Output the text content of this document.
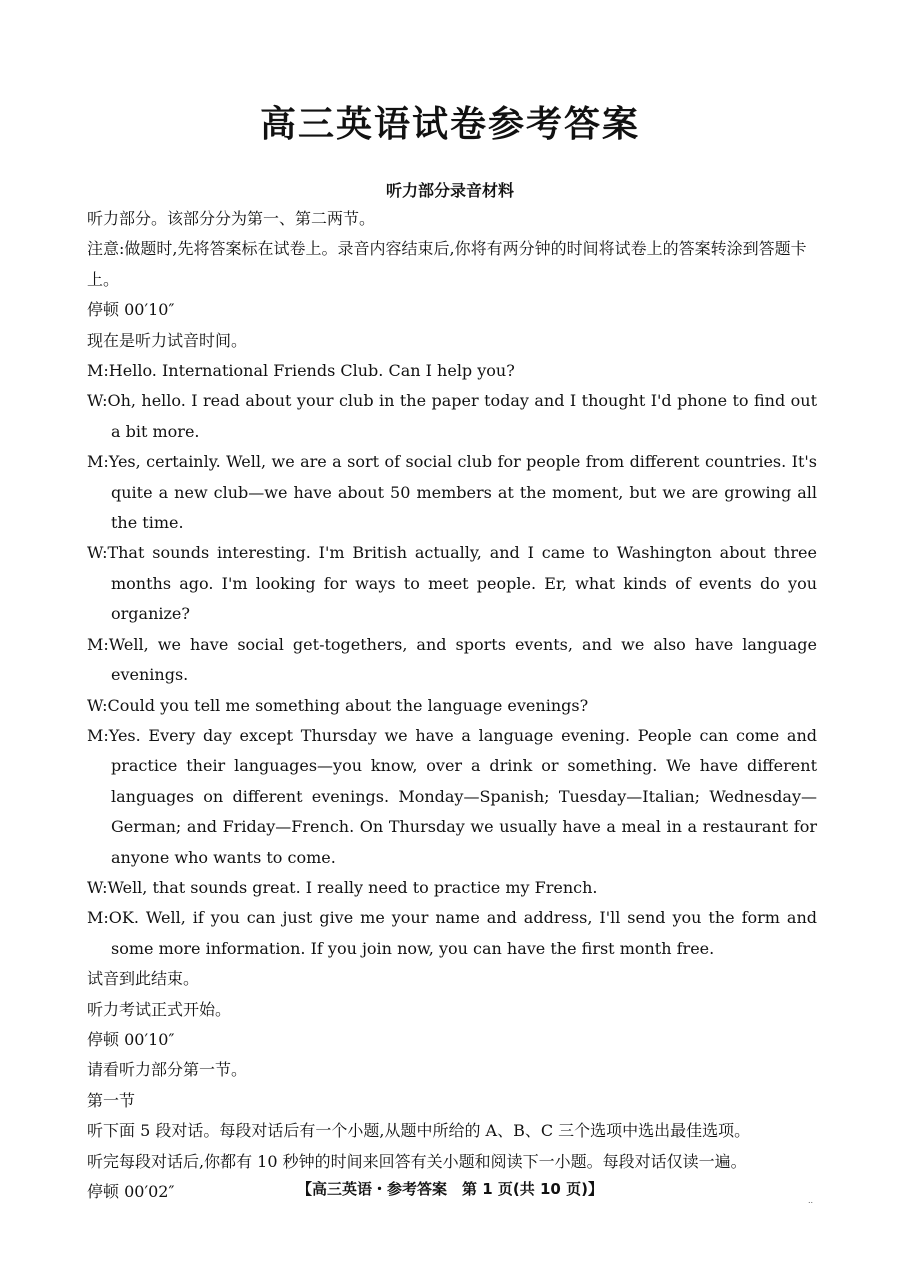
高三英语试卷参考答案
听力部分录音材料

听力部分。该部分分为第一、第二两节。

注意:做题时,先将答案标在试卷上。录音内容结束后,你将有两分钟的时间将试卷上的答案转涂到答题卡上。

停顿 00′10″

现在是听力试音时间。

M:Hello. International Friends Club. Can I help you?

W:Oh, hello. I read about your club in the paper today and I thought I'd phone to find out a bit more.

M:Yes, certainly. Well, we are a sort of social club for people from different countries. It's quite a new club—we have about 50 members at the moment, but we are growing all the time.

W:That sounds interesting. I'm British actually, and I came to Washington about three months ago. I'm looking for ways to meet people. Er, what kinds of events do you organize?

M:Well, we have social get-togethers, and sports events, and we also have language evenings.

W:Could you tell me something about the language evenings?

M:Yes. Every day except Thursday we have a language evening. People can come and practice their languages—you know, over a drink or something. We have different languages on different evenings. Monday—Spanish; Tuesday—Italian; Wednesday—German; and Friday—French. On Thursday we usually have a meal in a restaurant for anyone who wants to come.

W:Well, that sounds great. I really need to practice my French.

M:OK. Well, if you can just give me your name and address, I'll send you the form and some more information. If you join now, you can have the first month free.

试音到此结束。

听力考试正式开始。

停顿 00′10″

请看听力部分第一节。

第一节

听下面 5 段对话。每段对话后有一个小题,从题中所给的 A、B、C 三个选项中选出最佳选项。

听完每段对话后,你都有 10 秒钟的时间来回答有关小题和阅读下一小题。每段对话仅读一遍。

停顿 00′02″	【高三英语・参考答案　第 1 页(共 10 页)】
..
